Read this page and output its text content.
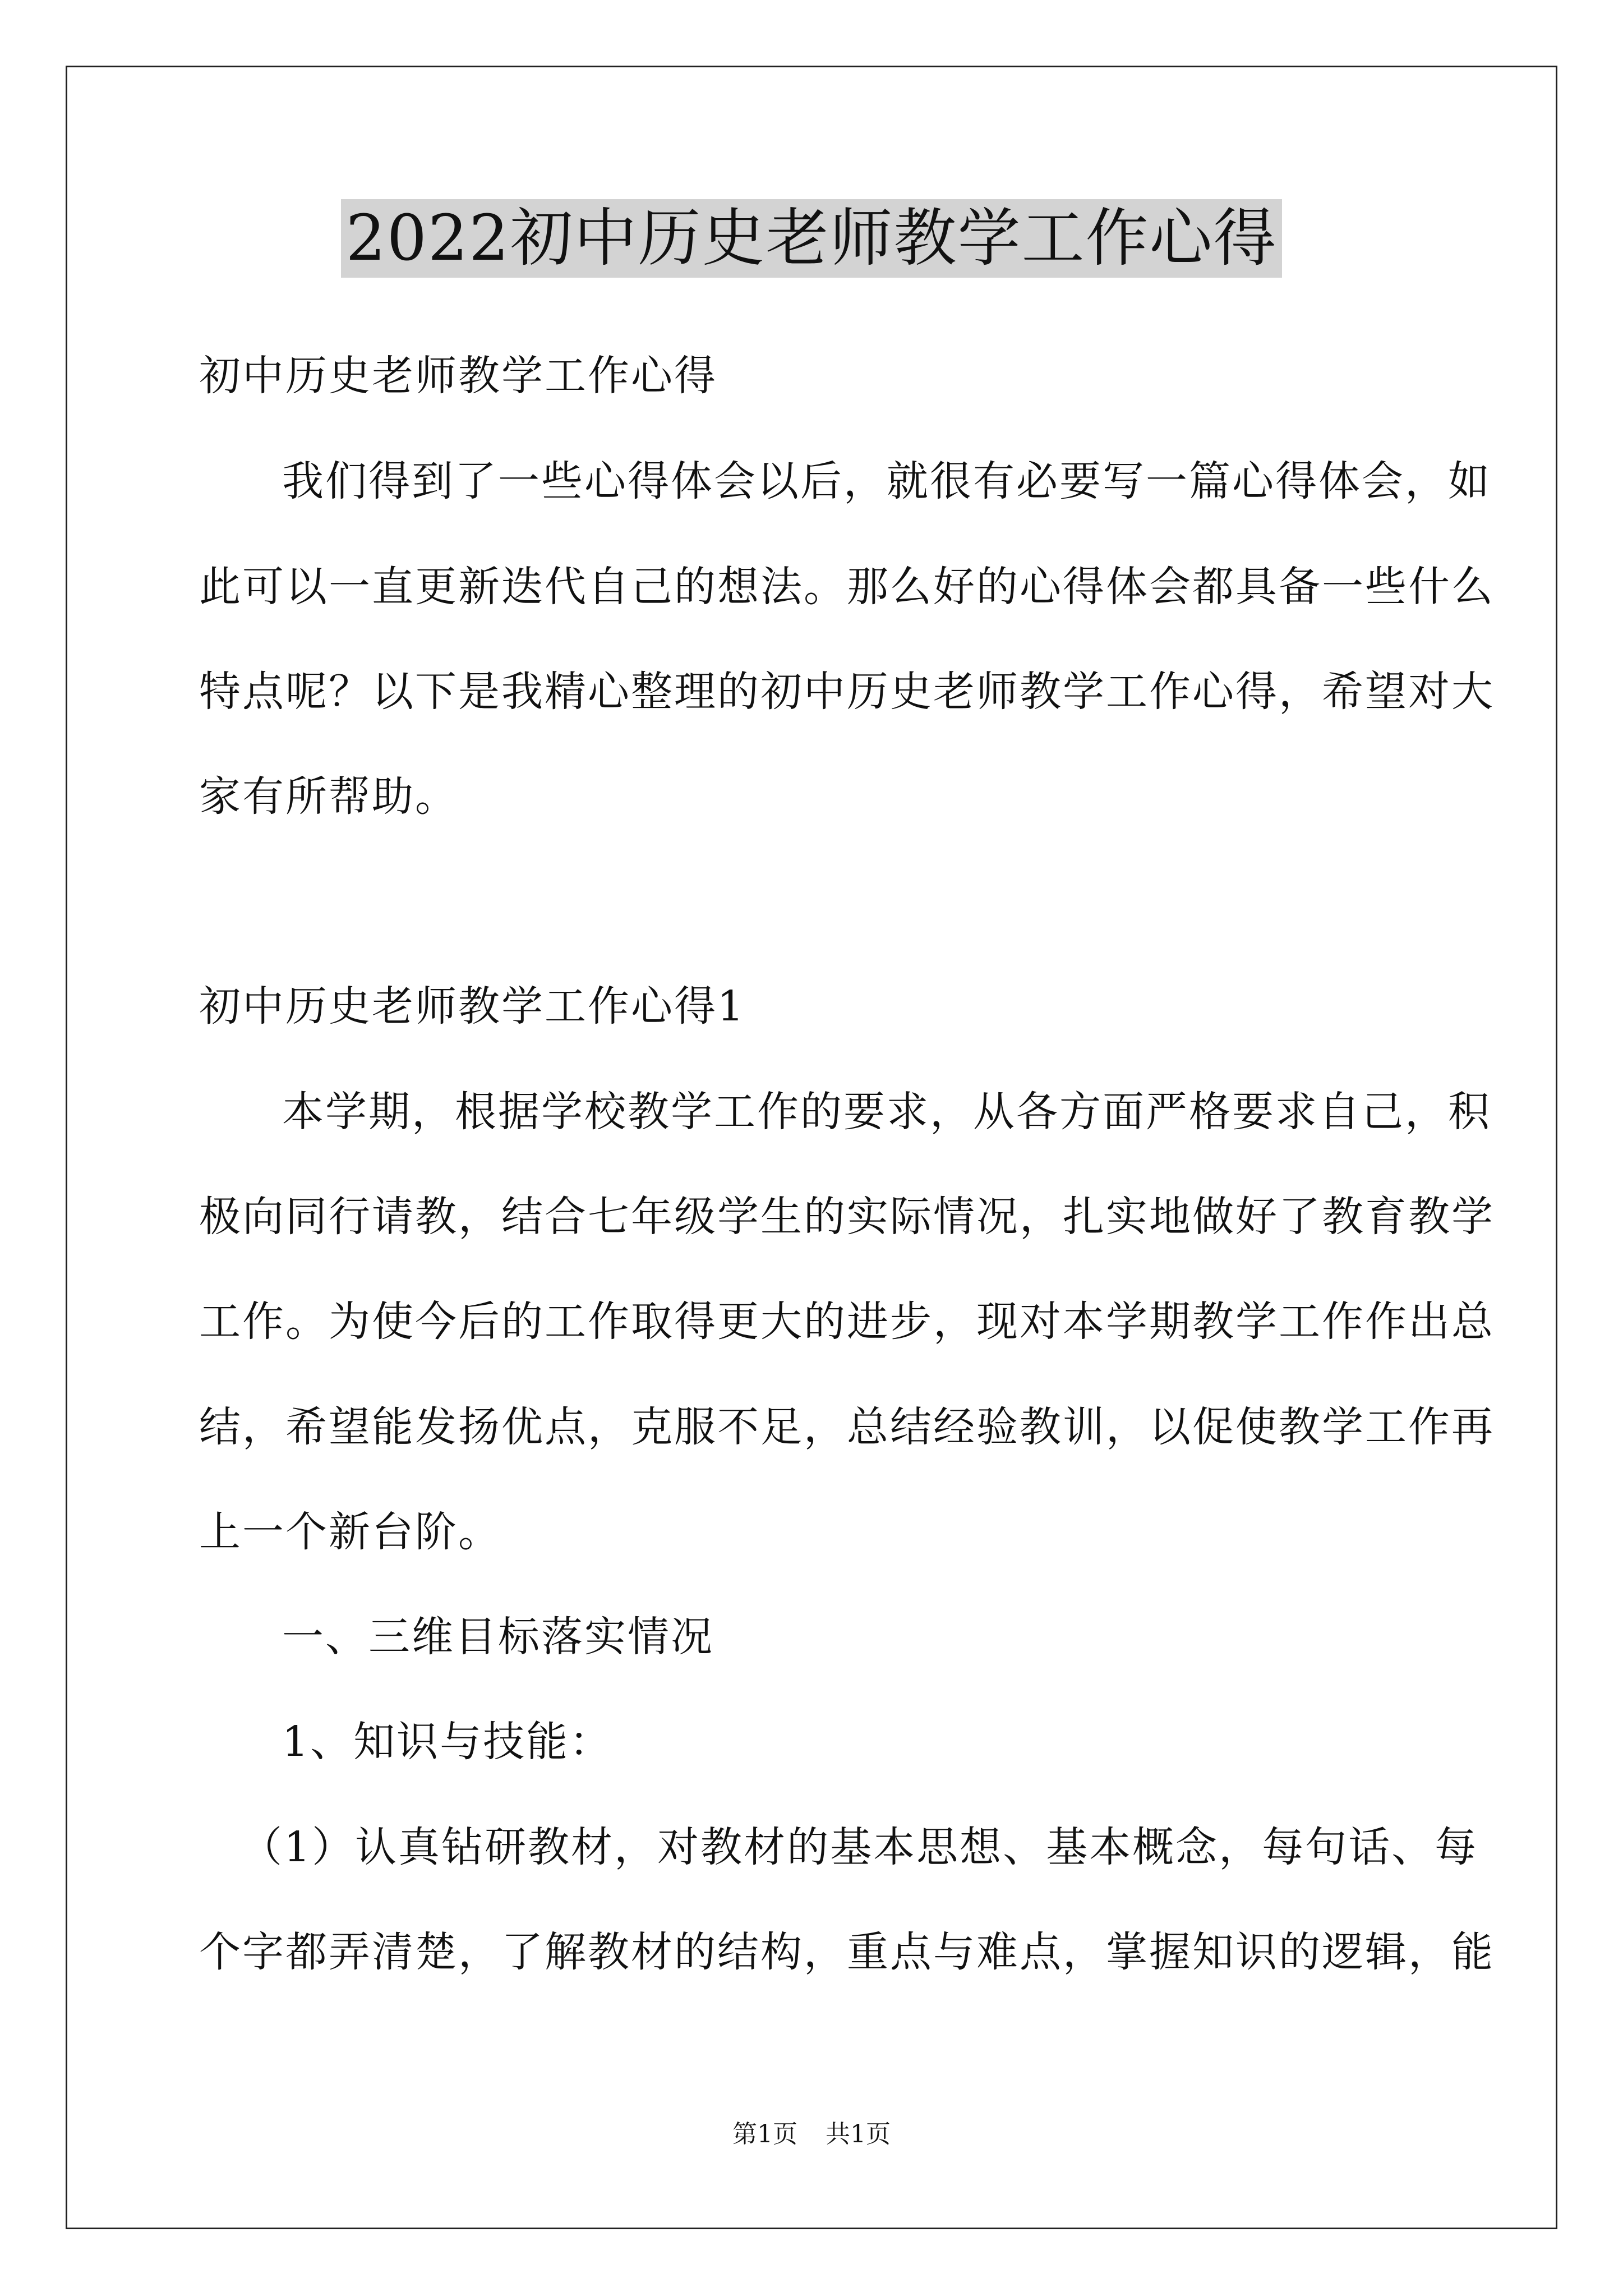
2022初中历史老师教学工作心得
初中历史老师教学工作心得
我们得到了一些心得体会以后，就很有必要写一篇心得体会，如
此可以一直更新迭代自己的想法。那么好的心得体会都具备一些什么
特点呢？以下是我精心整理的初中历史老师教学工作心得，希望对大
家有所帮助。
初中历史老师教学工作心得1
本学期，根据学校教学工作的要求，从各方面严格要求自己，积
极向同行请教，结合七年级学生的实际情况，扎实地做好了教育教学
工作。为使今后的工作取得更大的进步，现对本学期教学工作作出总
结，希望能发扬优点，克服不足，总结经验教训，以促使教学工作再
上一个新台阶。
一、三维目标落实情况
1、知识与技能：
（1）认真钻研教材，对教材的基本思想、基本概念，每句话、每
个字都弄清楚，了解教材的结构，重点与难点，掌握知识的逻辑，能
第1页 共1页
